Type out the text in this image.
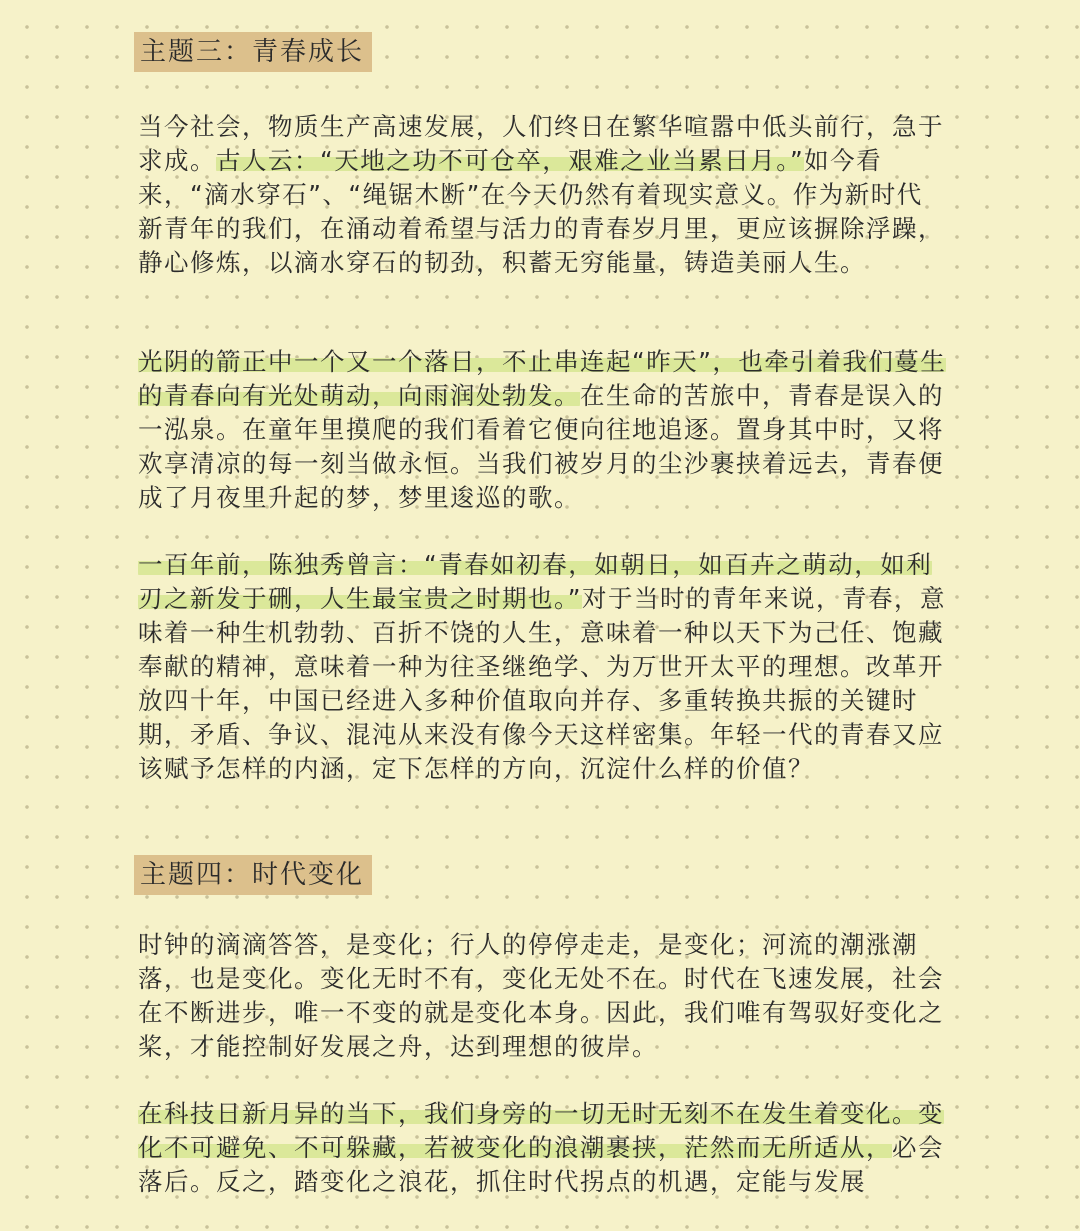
主题三：青春成长

当今社会，物质生产高速发展，人们终日在繁华喧嚣中低头前行，急于求成。古人云：“天地之功不可仓卒，艰难之业当累日月。”如今看来，“滴水穿石”、“绳锯木断”在今天仍然有着现实意义。作为新时代新青年的我们，在涌动着希望与活力的青春岁月里，更应该摒除浮躁，静心修炼，以滴水穿石的韧劲，积蓄无穷能量，铸造美丽人生。

光阴的箭正中一个又一个落日，不止串连起“昨天”，也牵引着我们蔓生的青春向有光处萌动，向雨润处勃发。在生命的苦旅中，青春是误入的一泓泉。在童年里摸爬的我们看着它便向往地追逐。置身其中时，又将欢享清凉的每一刻当做永恒。当我们被岁月的尘沙裹挟着远去，青春便成了月夜里升起的梦，梦里逡巡的歌。

一百年前，陈独秀曾言：“青春如初春，如朝日，如百卉之萌动，如利刃之新发于硎，人生最宝贵之时期也。”对于当时的青年来说，青春，意味着一种生机勃勃、百折不饶的人生，意味着一种以天下为己任、饱藏奉献的精神，意味着一种为往圣继绝学、为万世开太平的理想。改革开放四十年，中国已经进入多种价值取向并存、多重转换共振的关键时期，矛盾、争议、混沌从来没有像今天这样密集。年轻一代的青春又应该赋予怎样的内涵，定下怎样的方向，沉淀什么样的价值？

主题四：时代变化

时钟的滴滴答答，是变化；行人的停停走走，是变化；河流的潮涨潮落，也是变化。变化无时不有，变化无处不在。时代在飞速发展，社会在不断进步，唯一不变的就是变化本身。因此，我们唯有驾驭好变化之桨，才能控制好发展之舟，达到理想的彼岸。

在科技日新月异的当下，我们身旁的一切无时无刻不在发生着变化。变化不可避免、不可躲藏，若被变化的浪潮裹挟，茫然而无所适从，必会落后。反之，踏变化之浪花，抓住时代拐点的机遇，定能与发展
